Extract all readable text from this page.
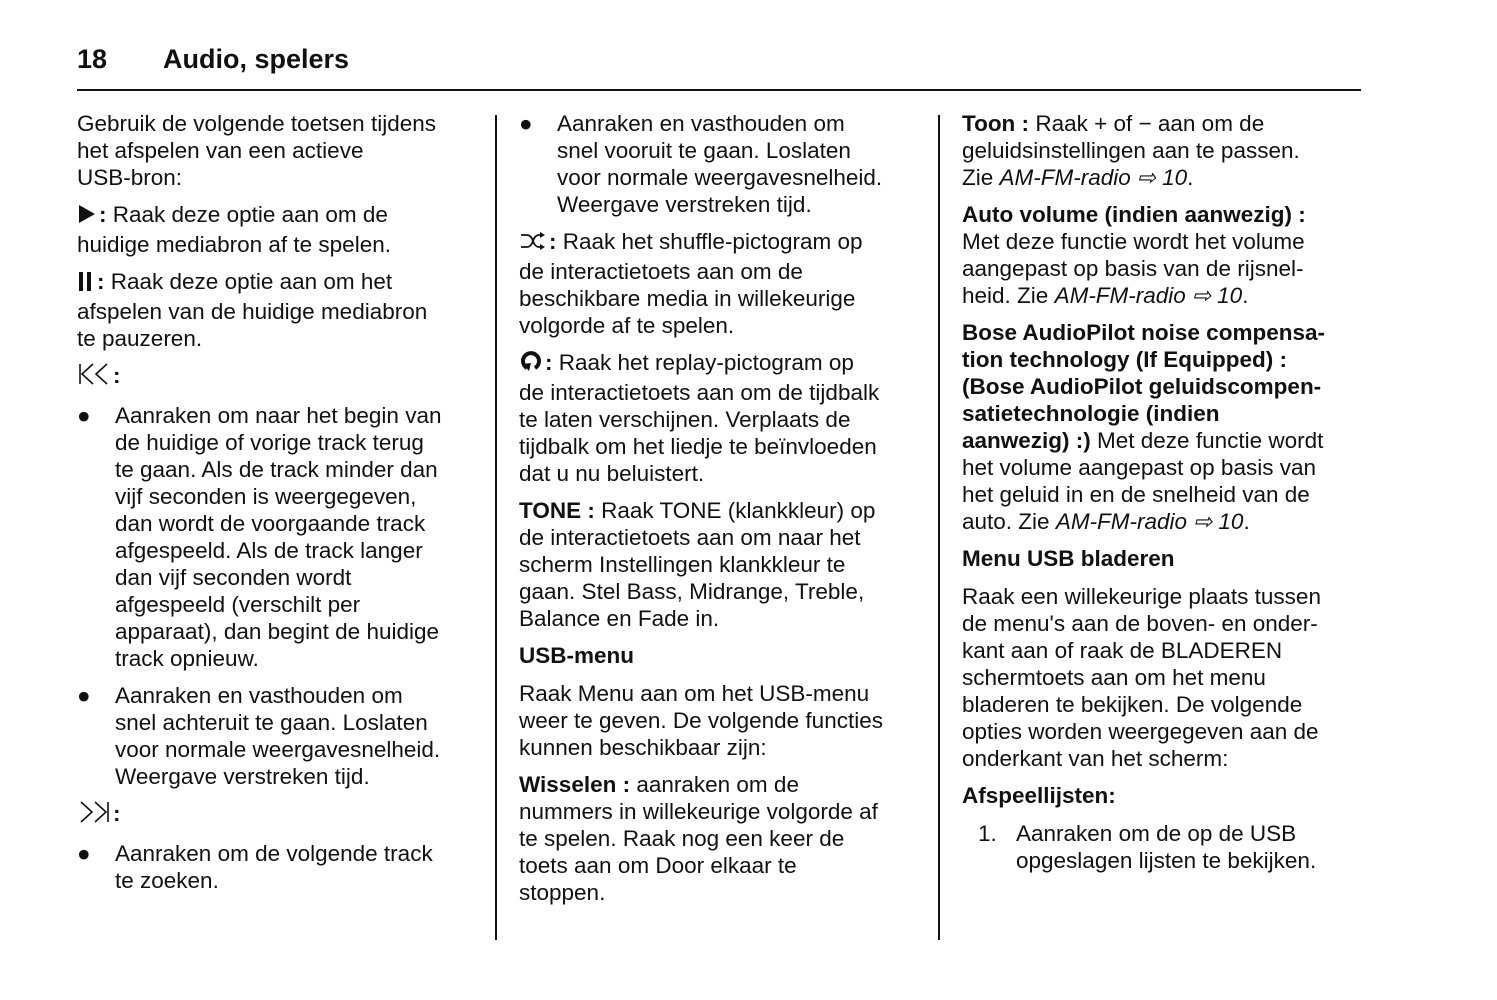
18 Audio, spelers
Gebruik de volgende toetsen tijdens
het afspelen van een actieve
USB-bron:
: Raak deze optie aan om de
huidige mediabron af te spelen.
: Raak deze optie aan om het
afspelen van de huidige mediabron
te pauzeren.
:
● Aanraken om naar het begin van
de huidige of vorige track terug
te gaan. Als de track minder dan
vijf seconden is weergegeven,
dan wordt de voorgaande track
afgespeeld. Als de track langer
dan vijf seconden wordt
afgespeeld (verschilt per
apparaat), dan begint de huidige
track opnieuw.
● Aanraken en vasthouden om
snel achteruit te gaan. Loslaten
voor normale weergavesnelheid.
Weergave verstreken tijd.
:
● Aanraken om de volgende track
te zoeken.
● Aanraken en vasthouden om
snel vooruit te gaan. Loslaten
voor normale weergavesnelheid.
Weergave verstreken tijd.
: Raak het shuffle-pictogram op
de interactietoets aan om de
beschikbare media in willekeurige
volgorde af te spelen.
: Raak het replay-pictogram op
de interactietoets aan om de tijdbalk
te laten verschijnen. Verplaats de
tijdbalk om het liedje te beïnvloeden
dat u nu beluistert.
TONE : Raak TONE (klankkleur) op
de interactietoets aan om naar het
scherm Instellingen klankkleur te
gaan. Stel Bass, Midrange, Treble,
Balance en Fade in.
USB-menu
Raak Menu aan om het USB-menu
weer te geven. De volgende functies
kunnen beschikbaar zijn:
Wisselen : aanraken om de
nummers in willekeurige volgorde af
te spelen. Raak nog een keer de
toets aan om Door elkaar te
stoppen.
Toon : Raak + of − aan om de
geluidsinstellingen aan te passen.
Zie AM-FM-radio ⇨ 10.
Auto volume (indien aanwezig) :
Met deze functie wordt het volume
aangepast op basis van de rijsnel-
heid. Zie AM-FM-radio ⇨ 10.
Bose AudioPilot noise compensa-
tion technology (If Equipped) :
(Bose AudioPilot geluidscompen-
satietechnologie (indien
aanwezig) :) Met deze functie wordt
het volume aangepast op basis van
het geluid in en de snelheid van de
auto. Zie AM-FM-radio ⇨ 10.
Menu USB bladeren
Raak een willekeurige plaats tussen
de menu's aan de boven- en onder-
kant aan of raak de BLADEREN
schermtoets aan om het menu
bladeren te bekijken. De volgende
opties worden weergegeven aan de
onderkant van het scherm:
Afspeellijsten:
1. Aanraken om de op de USB
opgeslagen lijsten te bekijken.
